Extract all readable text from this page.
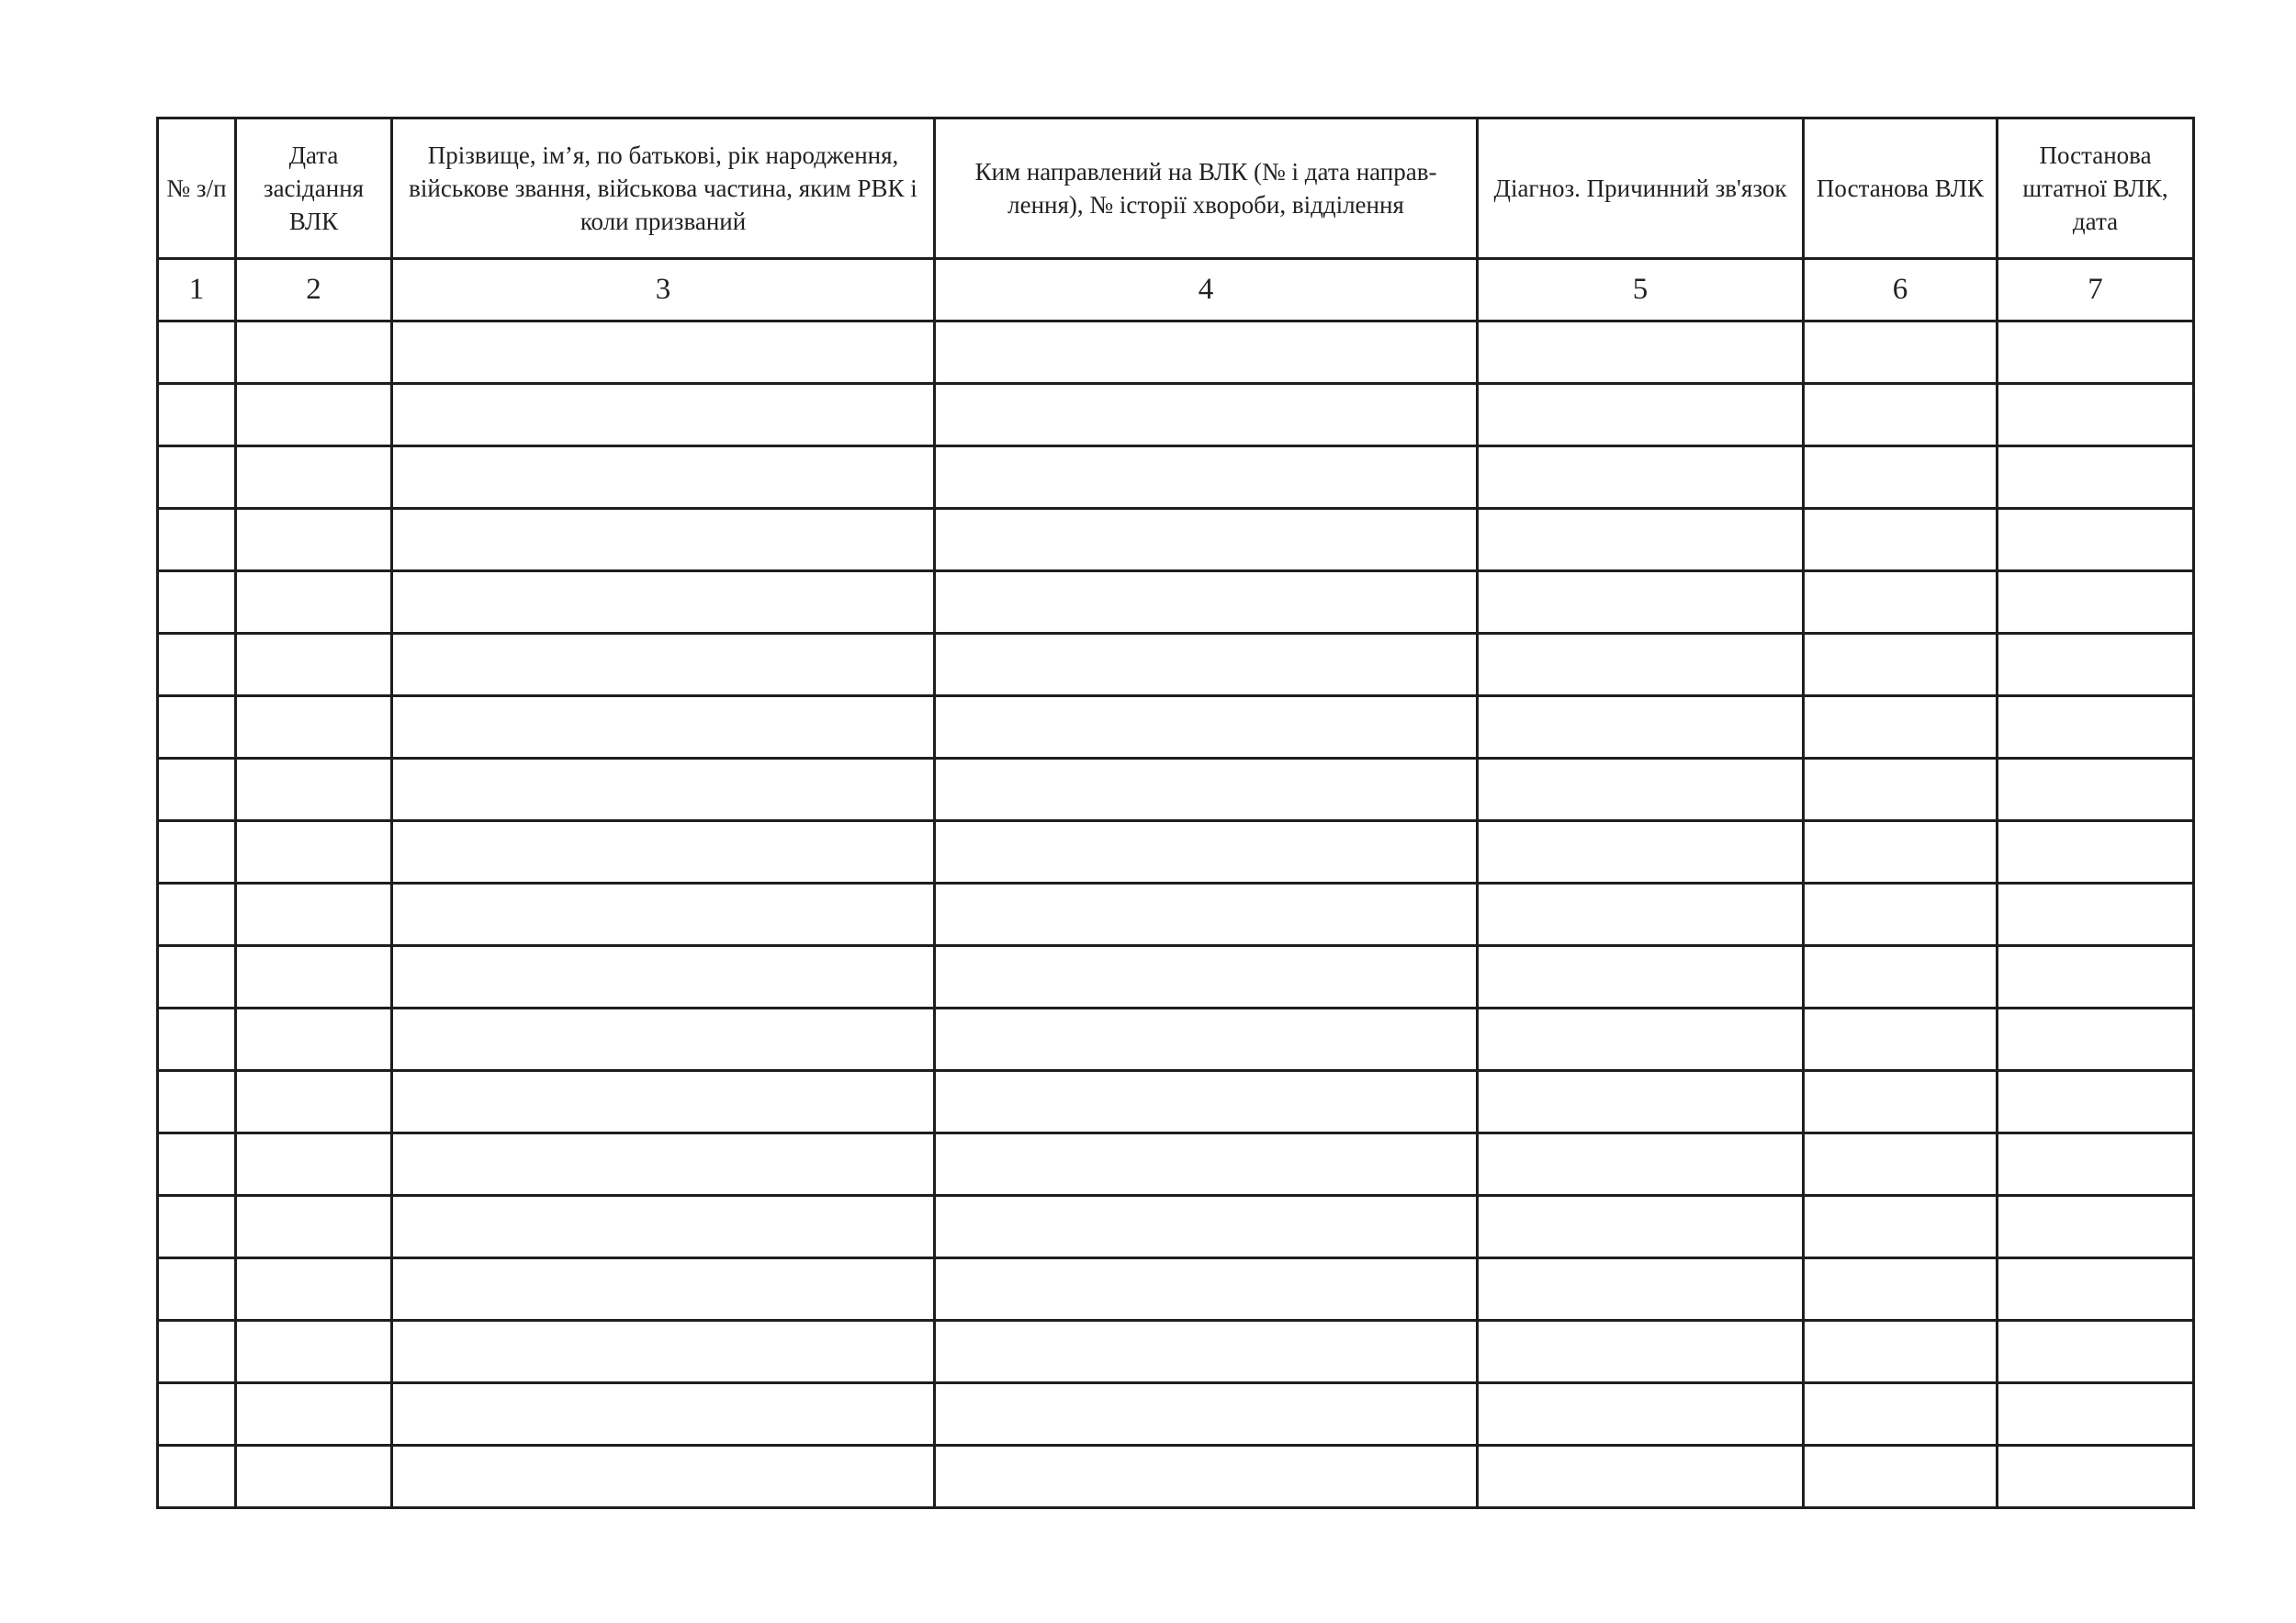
№ з/п	Дата засідання ВЛК	Прізвище, ім’я, по батькові, рік народження, військове звання, військова частина, яким РВК і коли призваний	Ким направлений на ВЛК (№ і дата направ-лення), № історії хвороби, відділення	Діагноз. Причинний зв'язок	Постанова ВЛК	Постанова штатної ВЛК, дата
1	2	3	4	5	6	7
